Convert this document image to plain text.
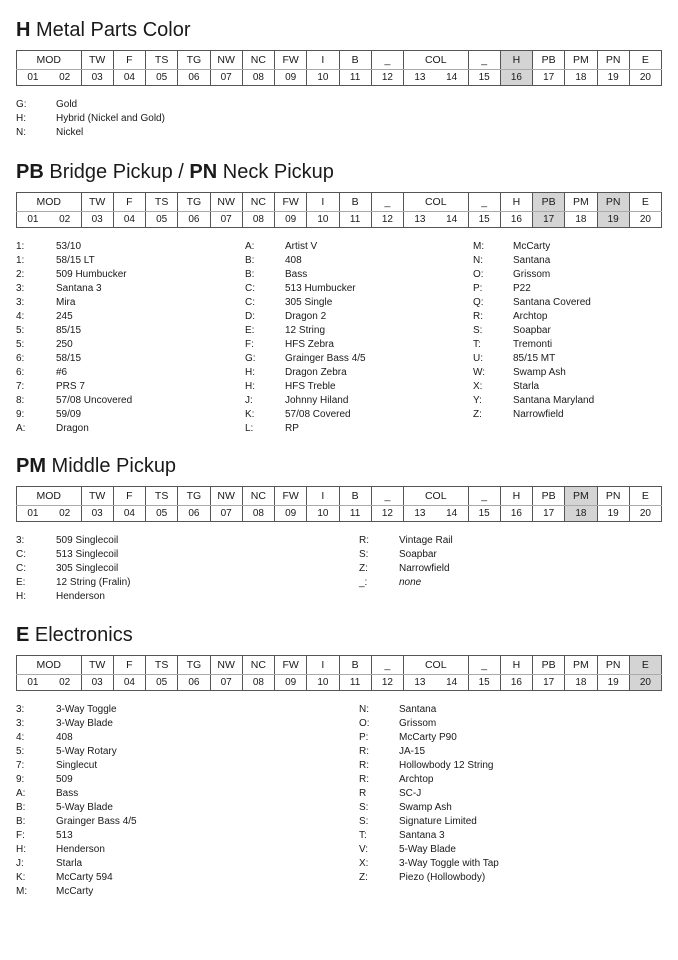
H Metal Parts Color
MOD		TW	F	TS	TG	NW	NC	FW	I	B	_	COL		_	H	PB	PM	PN	E
01	02	03	04	05	06	07	08	09	10	11	12	13	14	15	16	17	18	19	20
G:	Gold
H:	Hybrid (Nickel and Gold)
N:	Nickel
PB Bridge Pickup / PN Neck Pickup
MOD		TW	F	TS	TG	NW	NC	FW	I	B	_	COL		_	H	PB	PM	PN	E
01	02	03	04	05	06	07	08	09	10	11	12	13	14	15	16	17	18	19	20
1:	53/10
1:	58/15 LT
2:	509 Humbucker
3:	Santana 3
3:	Mira
4:	245
5:	85/15
5:	250
6:	58/15
6:	#6
7:	PRS 7
8:	57/08 Uncovered
9:	59/09
A:	Dragon
A:	Artist V
B:	408
B:	Bass
C:	513 Humbucker
C:	305 Single
D:	Dragon 2
E:	12 String
F:	HFS Zebra
G:	Grainger Bass 4/5
H:	Dragon Zebra
H:	HFS Treble
J:	Johnny Hiland
K:	57/08 Covered
L:	RP
M:	McCarty
N:	Santana
O:	Grissom
P:	P22
Q:	Santana Covered
R:	Archtop
S:	Soapbar
T:	Tremonti
U:	85/15 MT
W:	Swamp Ash
X:	Starla
Y:	Santana Maryland
Z:	Narrowfield
PM Middle Pickup
MOD		TW	F	TS	TG	NW	NC	FW	I	B	_	COL		_	H	PB	PM	PN	E
01	02	03	04	05	06	07	08	09	10	11	12	13	14	15	16	17	18	19	20
3:	509 Singlecoil
C:	513 Singlecoil
C:	305 Singlecoil
E:	12 String (Fralin)
H:	Henderson
R:	Vintage Rail
S:	Soapbar
Z:	Narrowfield
_:	none
E Electronics
MOD		TW	F	TS	TG	NW	NC	FW	I	B	_	COL		_	H	PB	PM	PN	E
01	02	03	04	05	06	07	08	09	10	11	12	13	14	15	16	17	18	19	20
3:	3-Way Toggle
3:	3-Way Blade
4:	408
5:	5-Way Rotary
7:	Singlecut
9:	509
A:	Bass
B:	5-Way Blade
B:	Grainger Bass 4/5
F:	513
H:	Henderson
J:	Starla
K:	McCarty 594
M:	McCarty
N:	Santana
O:	Grissom
P:	McCarty P90
R:	JA-15
R:	Hollowbody 12 String
R:	Archtop
R	SC-J
S:	Swamp Ash
S:	Signature Limited
T:	Santana 3
V:	5-Way Blade
X:	3-Way Toggle with Tap
Z:	Piezo (Hollowbody)
